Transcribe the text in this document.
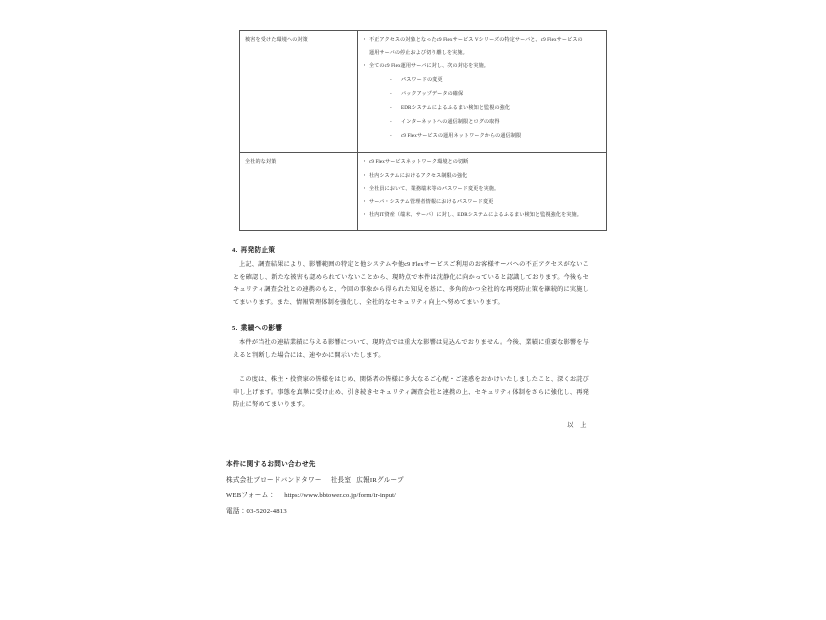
被害を受けた環境への対策

・不正アクセスの対象となったc9 Flexサービス Vシリーズの特定サーバと、c9 Flexサービスの
運用サーバの停止および切り離しを実施。
・ 全てのc9 Flex運用サーバに対し、次の対応を実施。
- パスワードの変更
- バックアップデータの確保
- EDRシステムによるふるまい検知と監視の強化
- インターネットへの通信制限とログの取得
- c9 Flexサービスの運用ネットワークからの通信制限

全社的な対策

・c9 Flexサービスネットワーク環境との切断
・ 社内システムにおけるアクセス制限の強化
・ 全社員において、業務端末等のパスワード変更を実施。
・ サーバ・システム管理者情報におけるパスワード変更
・ 社内IT資産（端末、サーバ）に対し、EDRシステムによるふるまい検知と監視強化を実施。
4. 再発防止策

上記、調査結果により、影響範囲の特定と他システムや他c9 Flexサービスご利用のお客様サーバへの不正アクセスがないことを確認し、新たな被害も認められていないことから、現時点で本件は沈静化に向かっていると認識しております。今後もセキュリティ調査会社との連携のもと、今回の事象から得られた知見を基に、多角的かつ全社的な再発防止策を継続的に実施してまいります。また、情報管理体制を強化し、全社的なセキュリティ向上へ努めてまいります。

5. 業績への影響

本件が当社の連結業績に与える影響について、現時点では重大な影響は見込んでおりません。今後、業績に重要な影響を与えると判断した場合には、速やかに開示いたします。

この度は、株主・投資家の皆様をはじめ、関係者の皆様に多大なるご心配・ご迷惑をおかけいたしましたこと、深くお詫び申し上げます。事態を真摯に受け止め、引き続きセキュリティ調査会社と連携の上、セキュリティ体制をさらに強化し、再発防止に努めてまいります。

以 上
本件に関するお問い合わせ先
株式会社ブロードバンドタワー 社長室 広報IRグループ
WEBフォーム： https://www.bbtower.co.jp/form/ir-input/
電話：03-5202-4813
